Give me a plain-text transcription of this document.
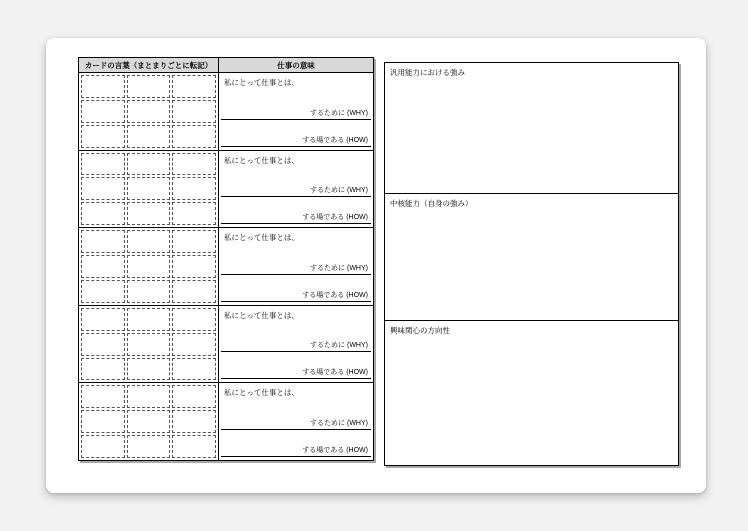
カードの言葉（まとまりごとに転記）	仕事の意味
私にとって仕事とは、
するために (WHY)
する場である (HOW)
私にとって仕事とは、
するために (WHY)
する場である (HOW)
私にとって仕事とは、
するために (WHY)
する場である (HOW)
私にとって仕事とは、
するために (WHY)
する場である (HOW)
私にとって仕事とは、
するために (WHY)
する場である (HOW)
汎用能力における強み
中核能力（自身の強み）
興味関心の方向性
